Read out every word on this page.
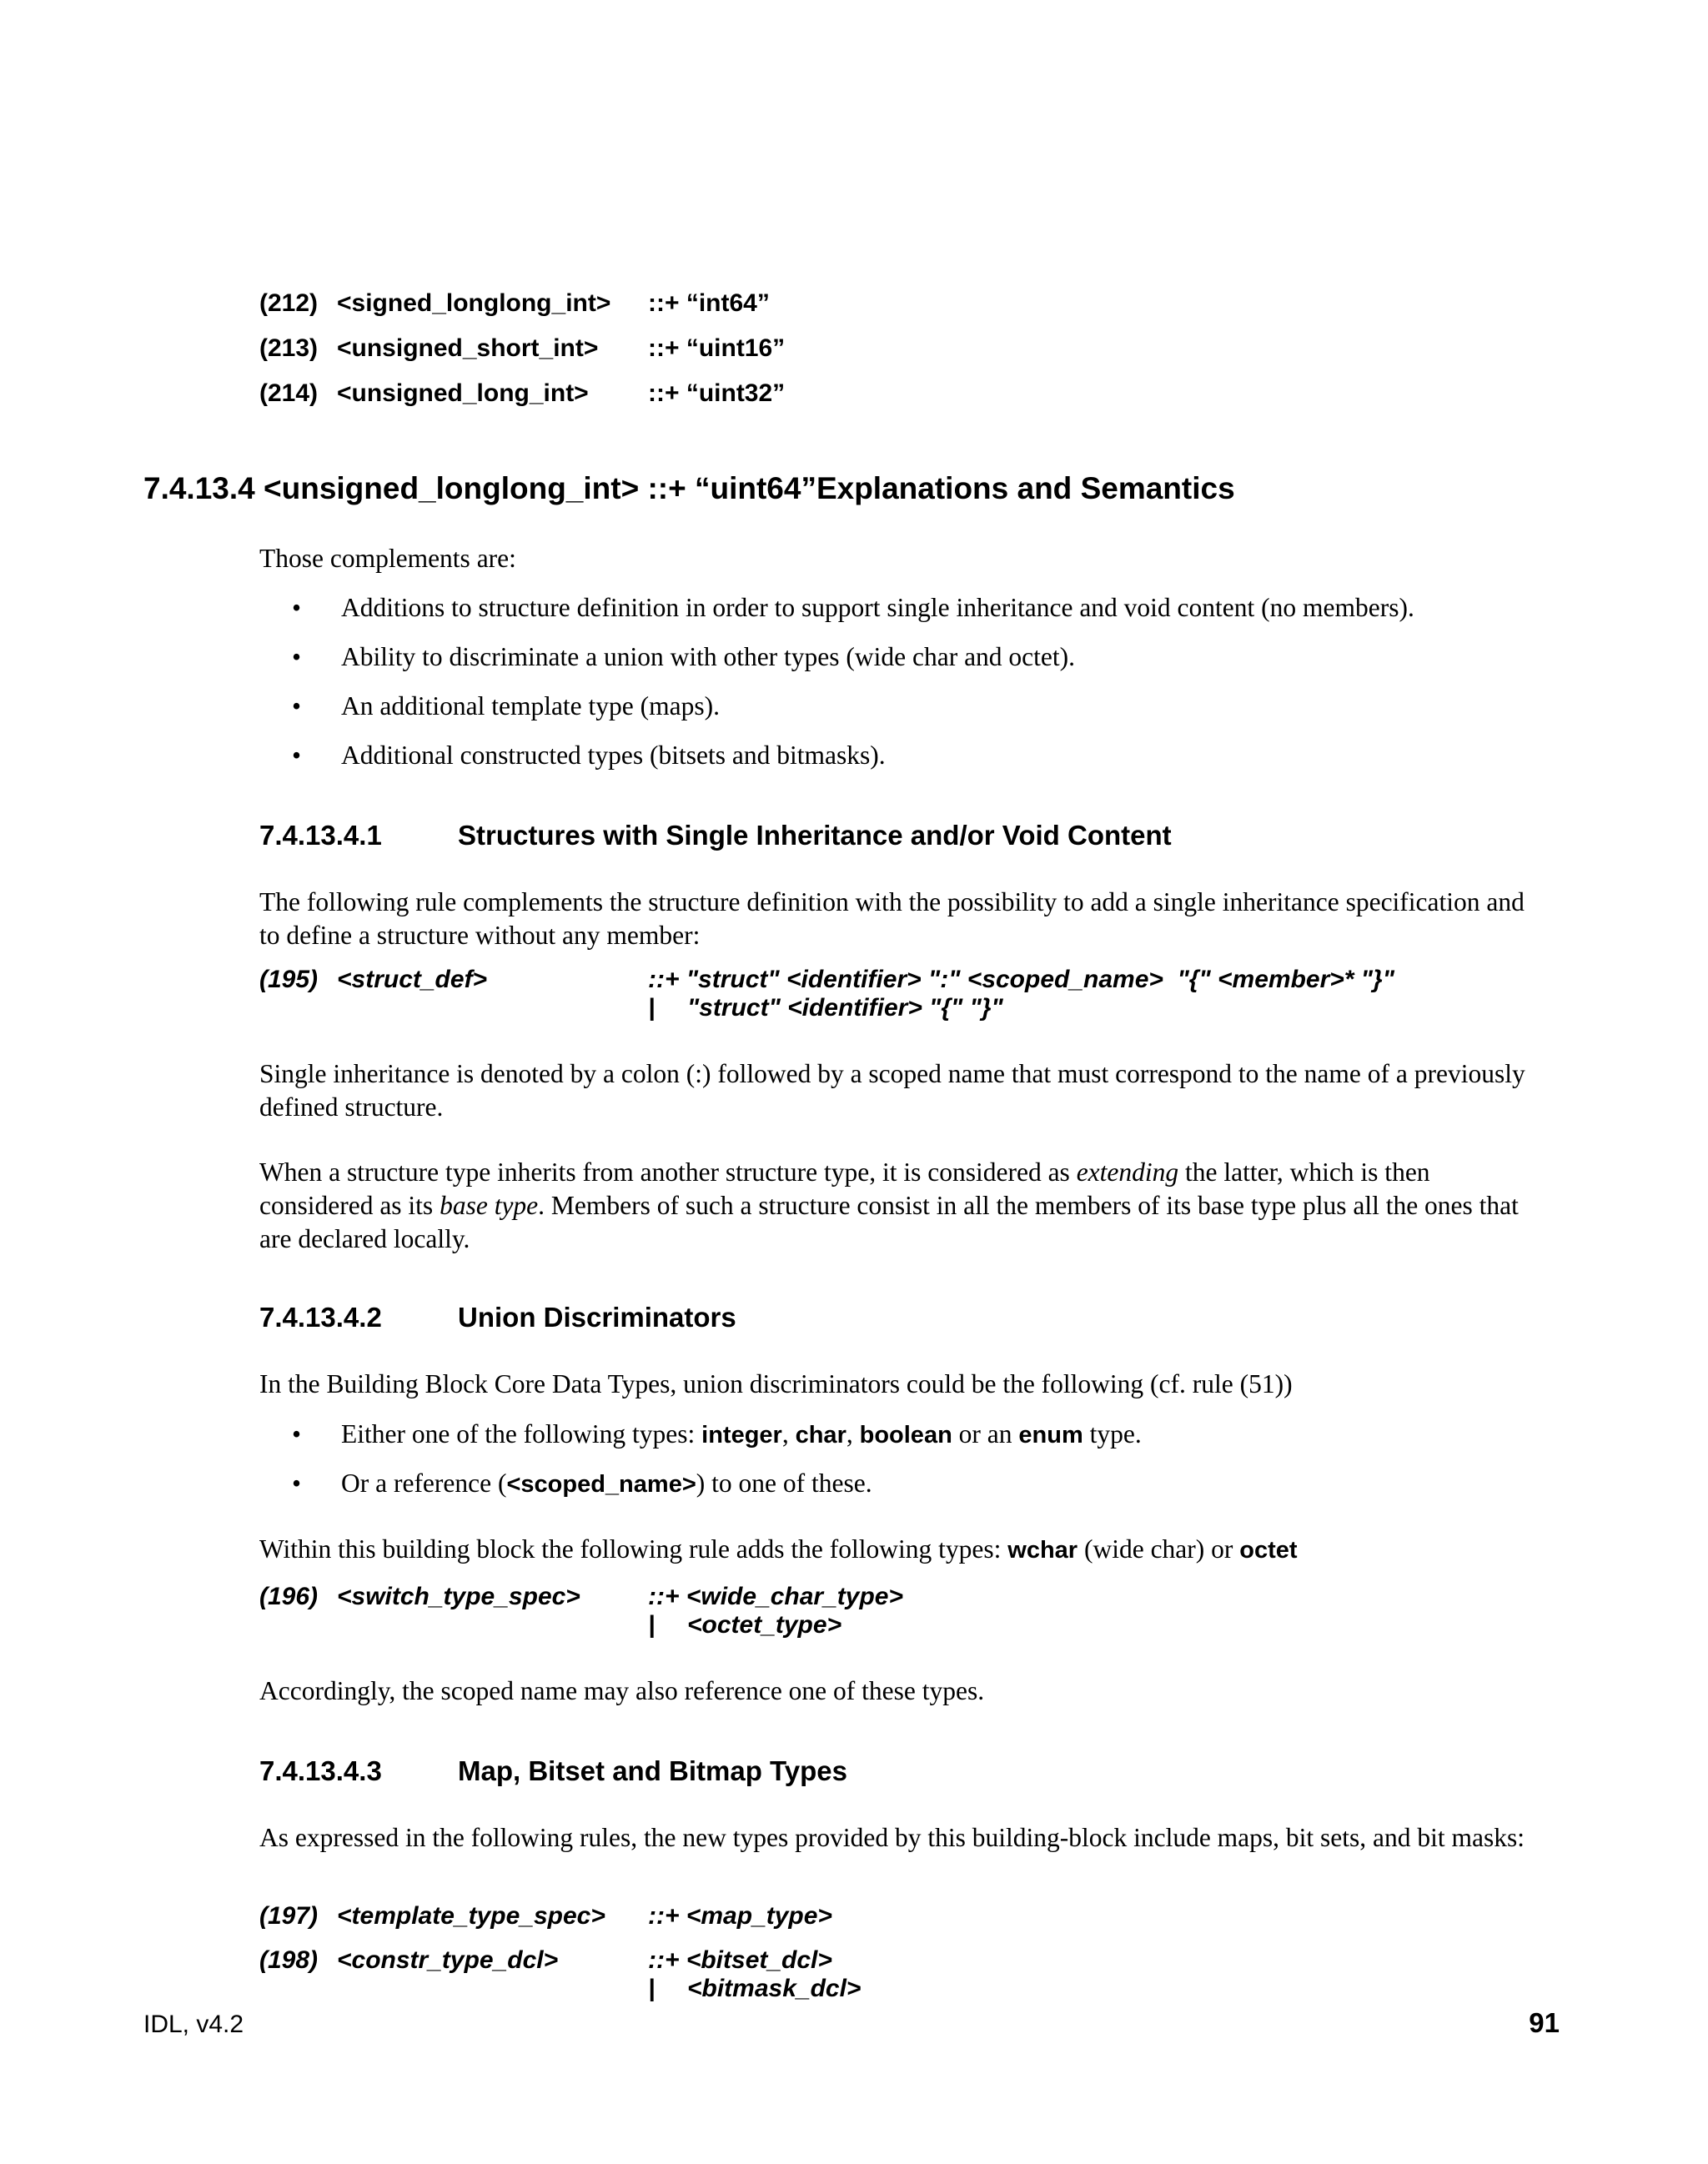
(212) <signed_longlong_int> ::+ “int64”
(213) <unsigned_short_int> ::+ “uint16”
(214) <unsigned_long_int> ::+ “uint32”
7.4.13.4 <unsigned_longlong_int> ::+ “uint64”Explanations and Semantics
Those complements are:
• Additions to structure definition in order to support single inheritance and void content (no members).
• Ability to discriminate a union with other types (wide char and octet).
• An additional template type (maps).
• Additional constructed types (bitsets and bitmasks).
7.4.13.4.1	Structures with Single Inheritance and/or Void Content
The following rule complements the structure definition with the possibility to add a single inheritance specification and to define a structure without any member:
(195) <struct_def>	::+ "struct" <identifier> ":" <scoped_name>  "{" <member>* "}"
| "struct" <identifier> "{" "}"
Single inheritance is denoted by a colon (:) followed by a scoped name that must correspond to the name of a previously defined structure.
When a structure type inherits from another structure type, it is considered as extending the latter, which is then considered as its base type. Members of such a structure consist in all the members of its base type plus all the ones that are declared locally.
7.4.13.4.2	Union Discriminators
In the Building Block Core Data Types, union discriminators could be the following (cf. rule (51))
• Either one of the following types: integer, char, boolean or an enum type.
• Or a reference (<scoped_name>) to one of these.
Within this building block the following rule adds the following types: wchar (wide char) or octet
(196) <switch_type_spec>	::+ <wide_char_type>
| <octet_type>
Accordingly, the scoped name may also reference one of these types.
7.4.13.4.3	Map, Bitset and Bitmap Types
As expressed in the following rules, the new types provided by this building-block include maps, bit sets, and bit masks:
(197) <template_type_spec> ::+ <map_type>
(198) <constr_type_dcl>	::+ <bitset_dcl>
| <bitmask_dcl>
IDL, v4.2	91
